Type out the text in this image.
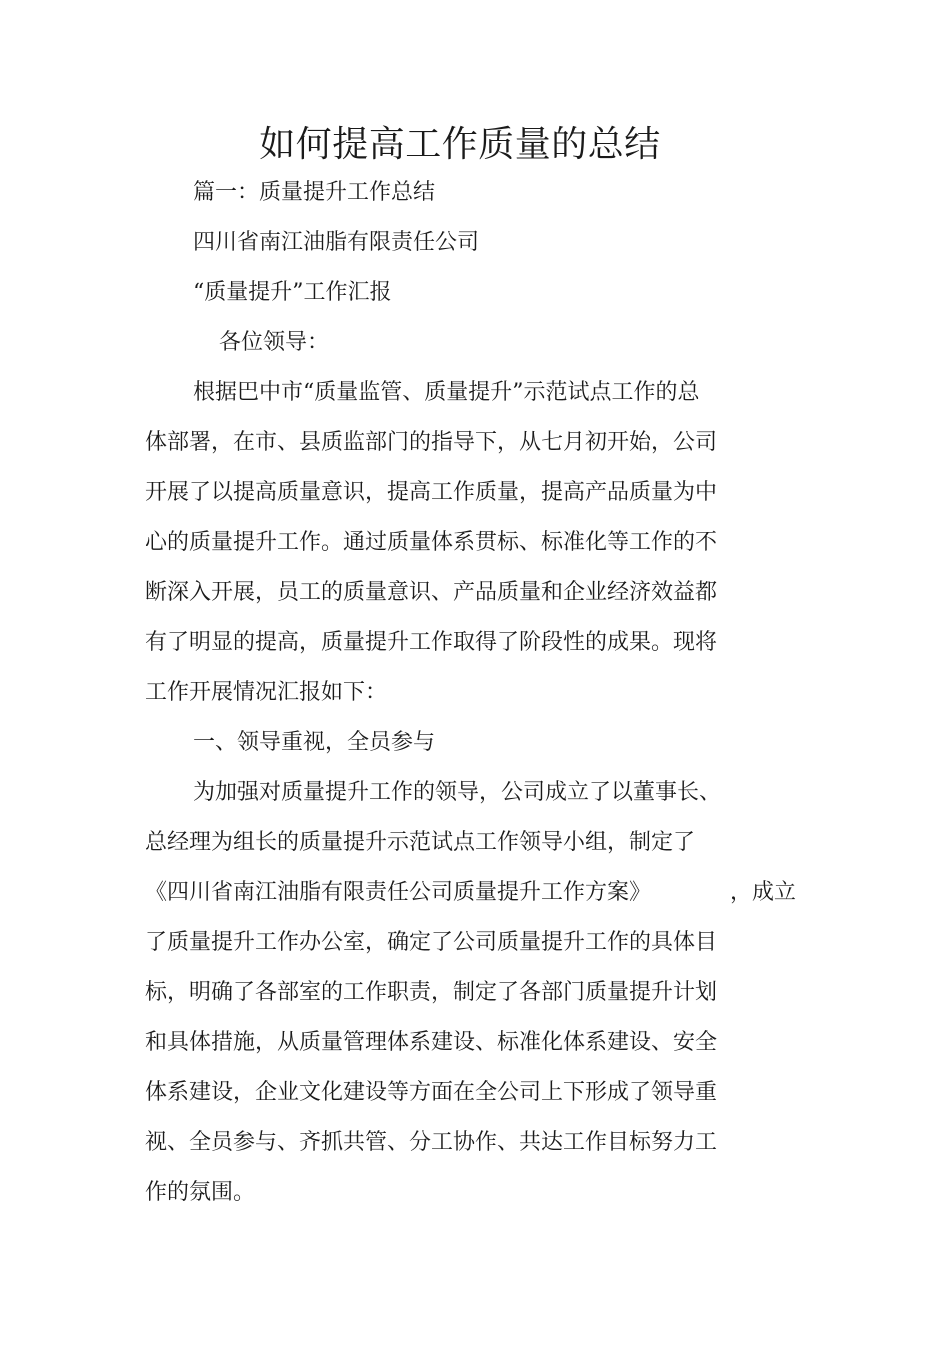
如何提高工作质量的总结
篇一：质量提升工作总结
四川省南江油脂有限责任公司
“质量提升”工作汇报
各位领导：
根据巴中市“质量监管、质量提升”示范试点工作的总
体部署，在市、县质监部门的指导下，从七月初开始，公司
开展了以提高质量意识，提高工作质量，提高产品质量为中
心的质量提升工作。通过质量体系贯标、标准化等工作的不
断深入开展，员工的质量意识、产品质量和企业经济效益都
有了明显的提高，质量提升工作取得了阶段性的成果。现将
工作开展情况汇报如下：
一、领导重视，全员参与
为加强对质量提升工作的领导，公司成立了以董事长、
总经理为组长的质量提升示范试点工作领导小组，制定了
《四川省南江油脂有限责任公司质量提升工作方案》	，成立
了质量提升工作办公室，确定了公司质量提升工作的具体目
标，明确了各部室的工作职责，制定了各部门质量提升计划
和具体措施，从质量管理体系建设、标准化体系建设、安全
体系建设，企业文化建设等方面在全公司上下形成了领导重
视、全员参与、齐抓共管、分工协作、共达工作目标努力工
作的氛围。
